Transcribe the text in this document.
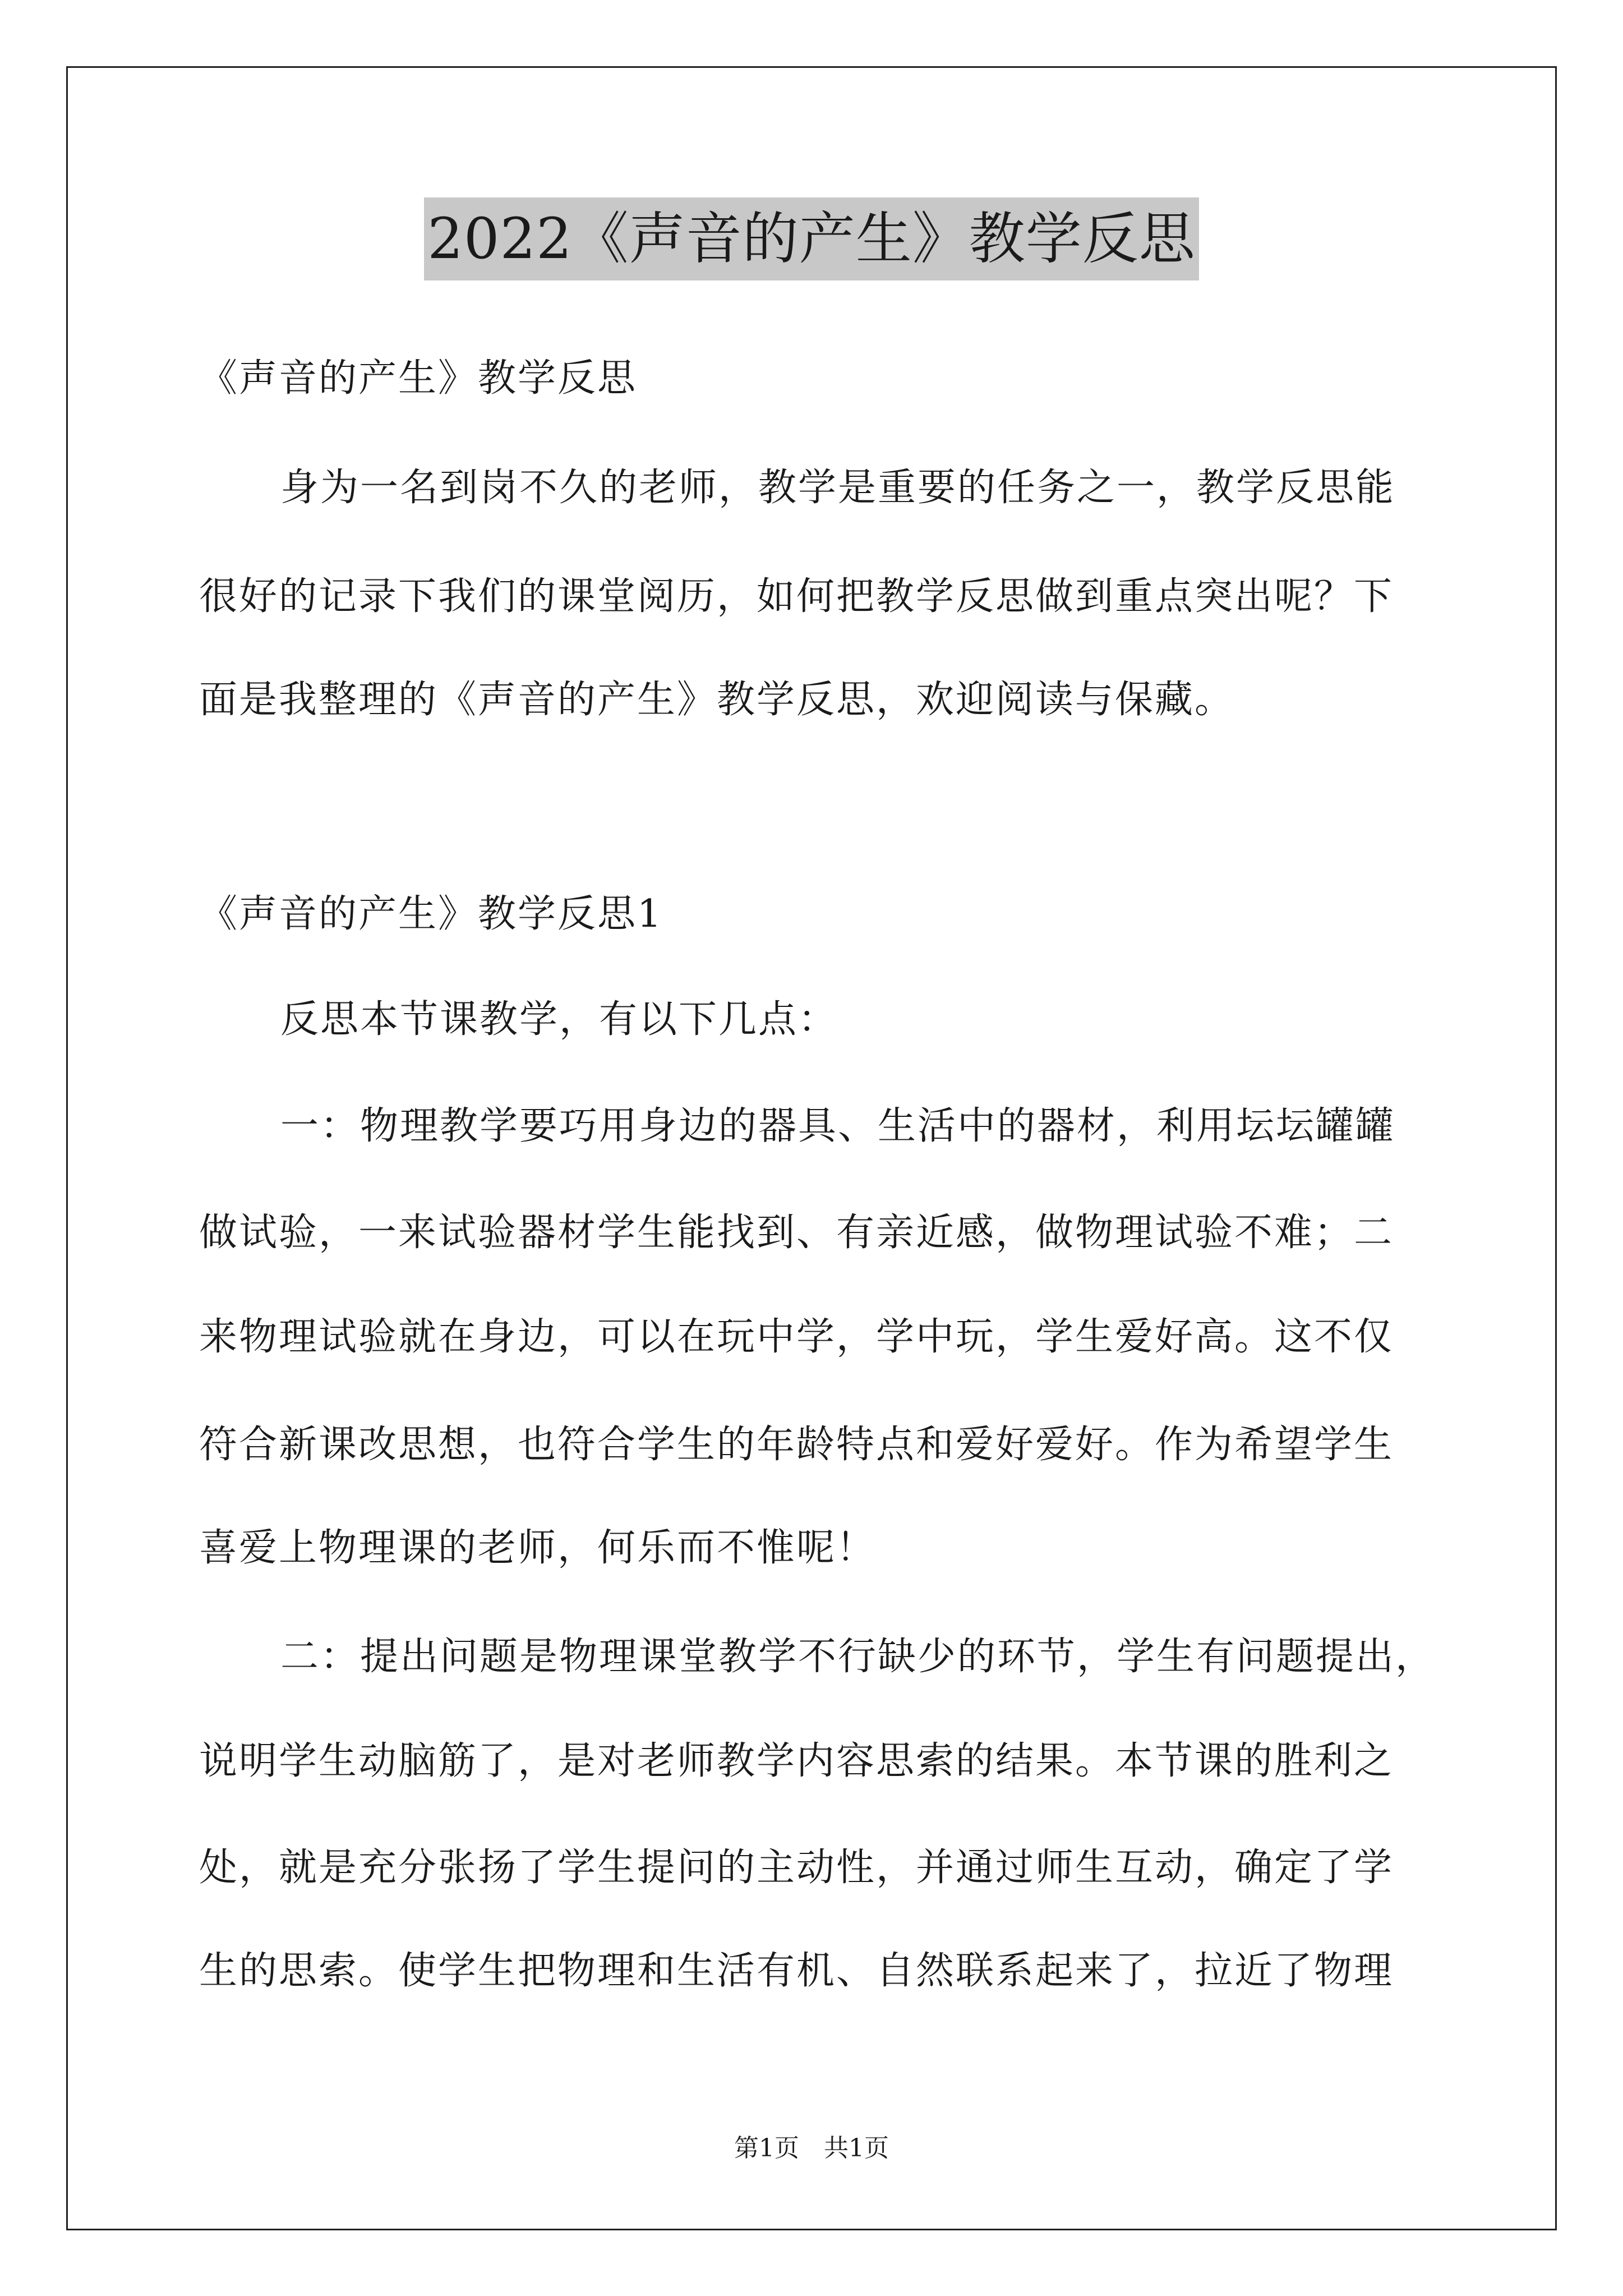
2022《声音的产生》教学反思
《声音的产生》教学反思
身为一名到岗不久的老师，教学是重要的任务之一，教学反思能
很好的记录下我们的课堂阅历，如何把教学反思做到重点突出呢？下
面是我整理的《声音的产生》教学反思，欢迎阅读与保藏。
《声音的产生》教学反思1
反思本节课教学，有以下几点：
一：物理教学要巧用身边的器具、生活中的器材，利用坛坛罐罐
做试验，一来试验器材学生能找到、有亲近感，做物理试验不难；二
来物理试验就在身边，可以在玩中学，学中玩，学生爱好高。这不仅
符合新课改思想，也符合学生的年龄特点和爱好爱好。作为希望学生
喜爱上物理课的老师，何乐而不惟呢！
二：提出问题是物理课堂教学不行缺少的环节，学生有问题提出，
说明学生动脑筋了，是对老师教学内容思索的结果。本节课的胜利之
处，就是充分张扬了学生提问的主动性，并通过师生互动，确定了学
生的思索。使学生把物理和生活有机、自然联系起来了，拉近了物理
第1页　共1页
